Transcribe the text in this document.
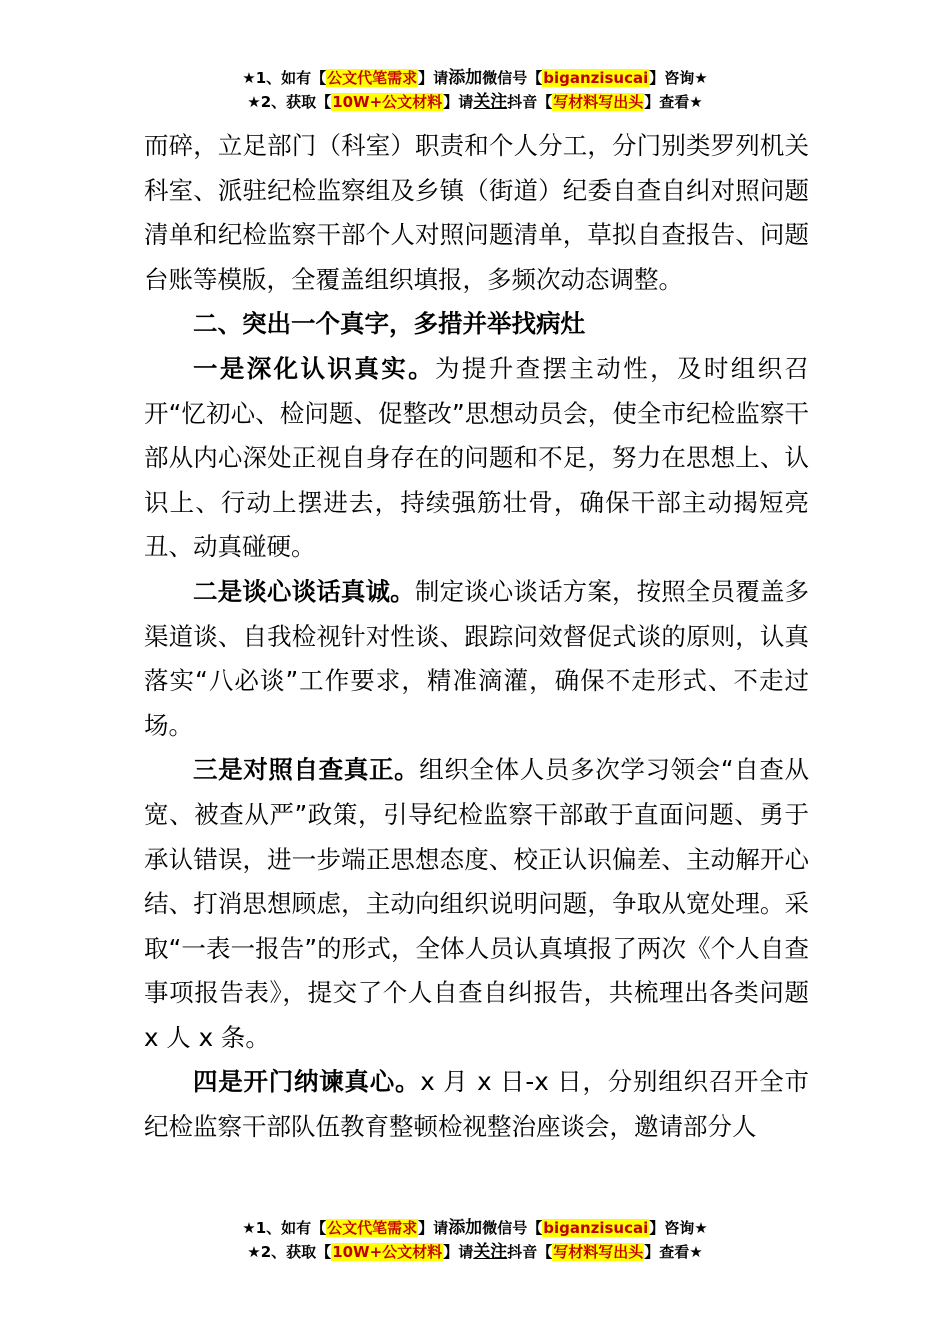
★1、如有【公文代笔需求】请添加微信号【biganzisucai】咨询★
★2、获取【10W+公文材料】请关注抖音【写材料写出头】查看★

而碎，立足部门（科室）职责和个人分工，分门别类罗列机关科室、派驻纪检监察组及乡镇（街道）纪委自查自纠对照问题清单和纪检监察干部个人对照问题清单，草拟自查报告、问题台账等模版，全覆盖组织填报，多频次动态调整。

二、突出一个真字，多措并举找病灶

一是深化认识真实。为提升查摆主动性，及时组织召开“忆初心、检问题、促整改”思想动员会，使全市纪检监察干部从内心深处正视自身存在的问题和不足，努力在思想上、认识上、行动上摆进去，持续强筋壮骨，确保干部主动揭短亮丑、动真碰硬。

二是谈心谈话真诚。制定谈心谈话方案，按照全员覆盖多渠道谈、自我检视针对性谈、跟踪问效督促式谈的原则，认真落实“八必谈”工作要求，精准滴灌，确保不走形式、不走过场。

三是对照自查真正。组织全体人员多次学习领会“自查从宽、被查从严”政策，引导纪检监察干部敢于直面问题、勇于承认错误，进一步端正思想态度、校正认识偏差、主动解开心结、打消思想顾虑，主动向组织说明问题，争取从宽处理。采取“一表一报告”的形式，全体人员认真填报了两次《个人自查事项报告表》，提交了个人自查自纠报告，共梳理出各类问题 x 人 x 条。

四是开门纳谏真心。x 月 x 日-x 日，分别组织召开全市纪检监察干部队伍教育整顿检视整治座谈会，邀请部分人

★1、如有【公文代笔需求】请添加微信号【biganzisucai】咨询★
★2、获取【10W+公文材料】请关注抖音【写材料写出头】查看★
